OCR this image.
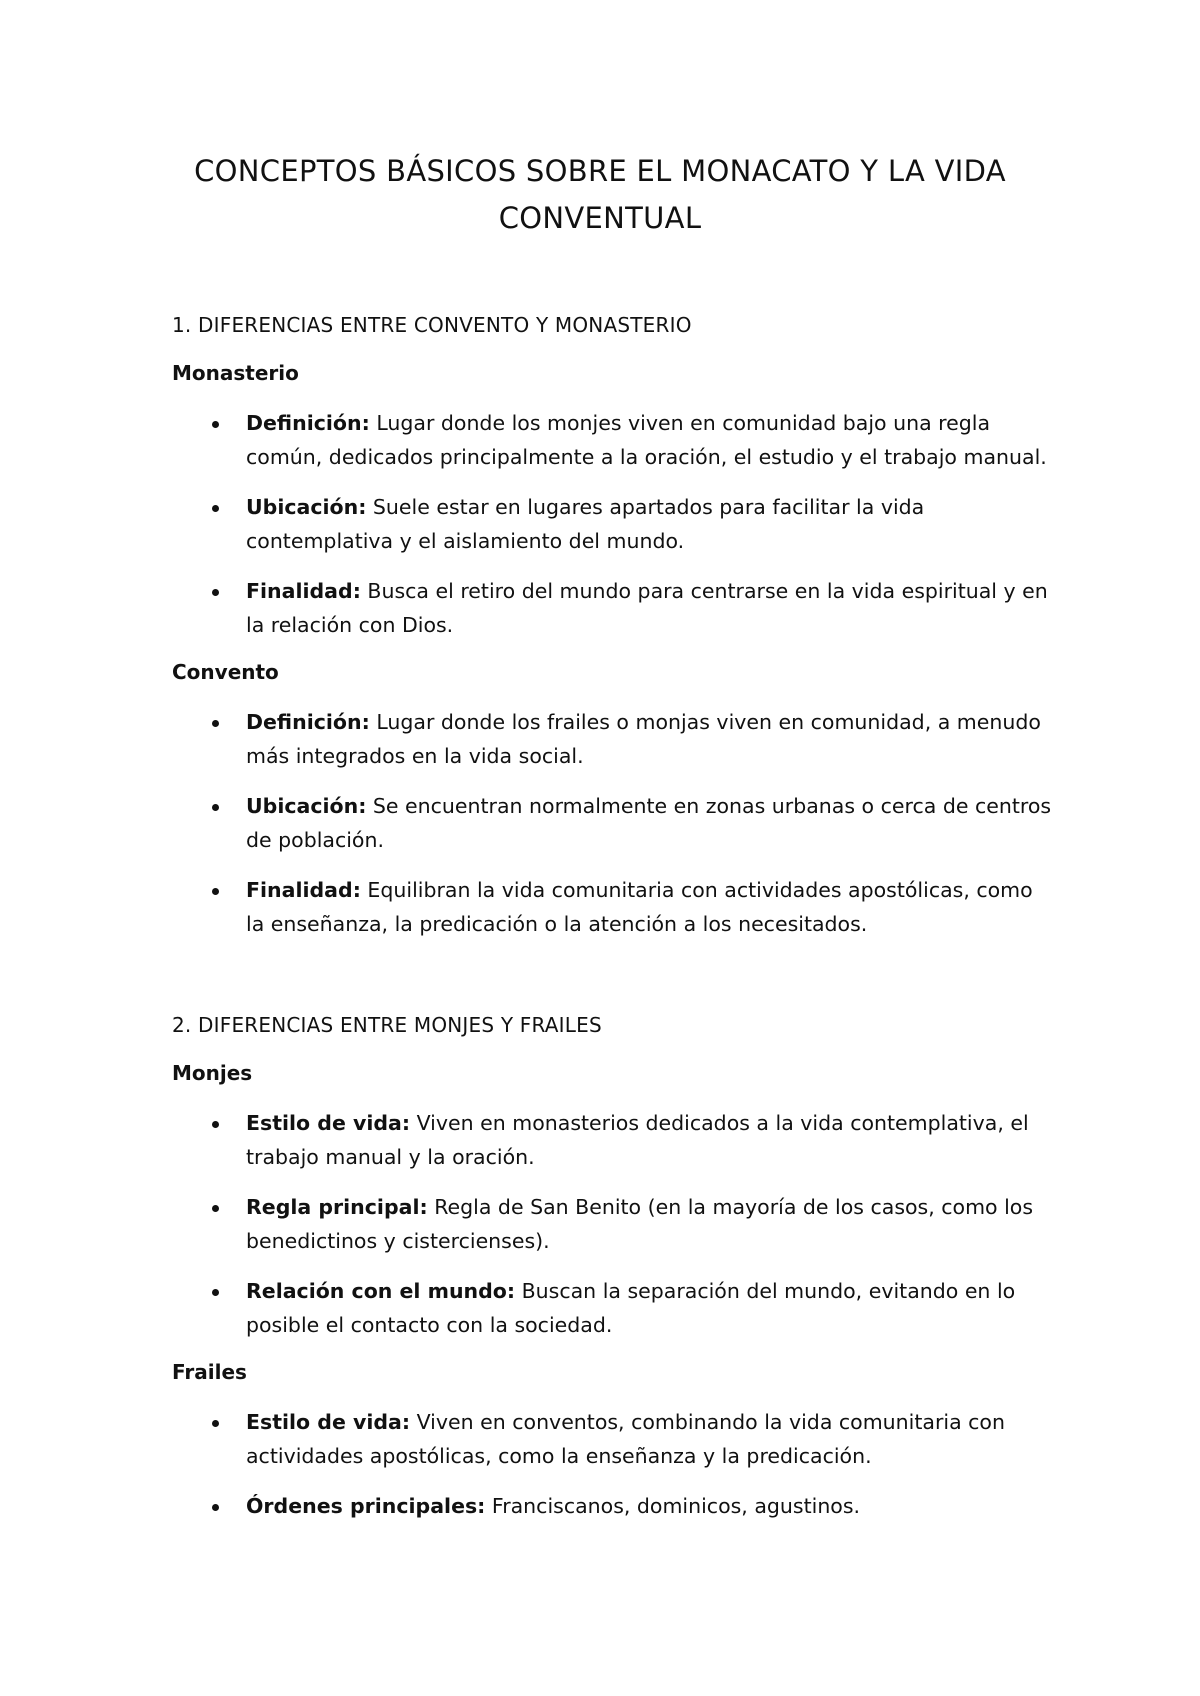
CONCEPTOS BÁSICOS SOBRE EL MONACATO Y LA VIDA CONVENTUAL
1. DIFERENCIAS ENTRE CONVENTO Y MONASTERIO
Monasterio
Definición: Lugar donde los monjes viven en comunidad bajo una regla común, dedicados principalmente a la oración, el estudio y el trabajo manual.
Ubicación: Suele estar en lugares apartados para facilitar la vida contemplativa y el aislamiento del mundo.
Finalidad: Busca el retiro del mundo para centrarse en la vida espiritual y en la relación con Dios.
Convento
Definición: Lugar donde los frailes o monjas viven en comunidad, a menudo más integrados en la vida social.
Ubicación: Se encuentran normalmente en zonas urbanas o cerca de centros de población.
Finalidad: Equilibran la vida comunitaria con actividades apostólicas, como la enseñanza, la predicación o la atención a los necesitados.
2. DIFERENCIAS ENTRE MONJES Y FRAILES
Monjes
Estilo de vida: Viven en monasterios dedicados a la vida contemplativa, el trabajo manual y la oración.
Regla principal: Regla de San Benito (en la mayoría de los casos, como los benedictinos y cistercienses).
Relación con el mundo: Buscan la separación del mundo, evitando en lo posible el contacto con la sociedad.
Frailes
Estilo de vida: Viven en conventos, combinando la vida comunitaria con actividades apostólicas, como la enseñanza y la predicación.
Órdenes principales: Franciscanos, dominicos, agustinos.
